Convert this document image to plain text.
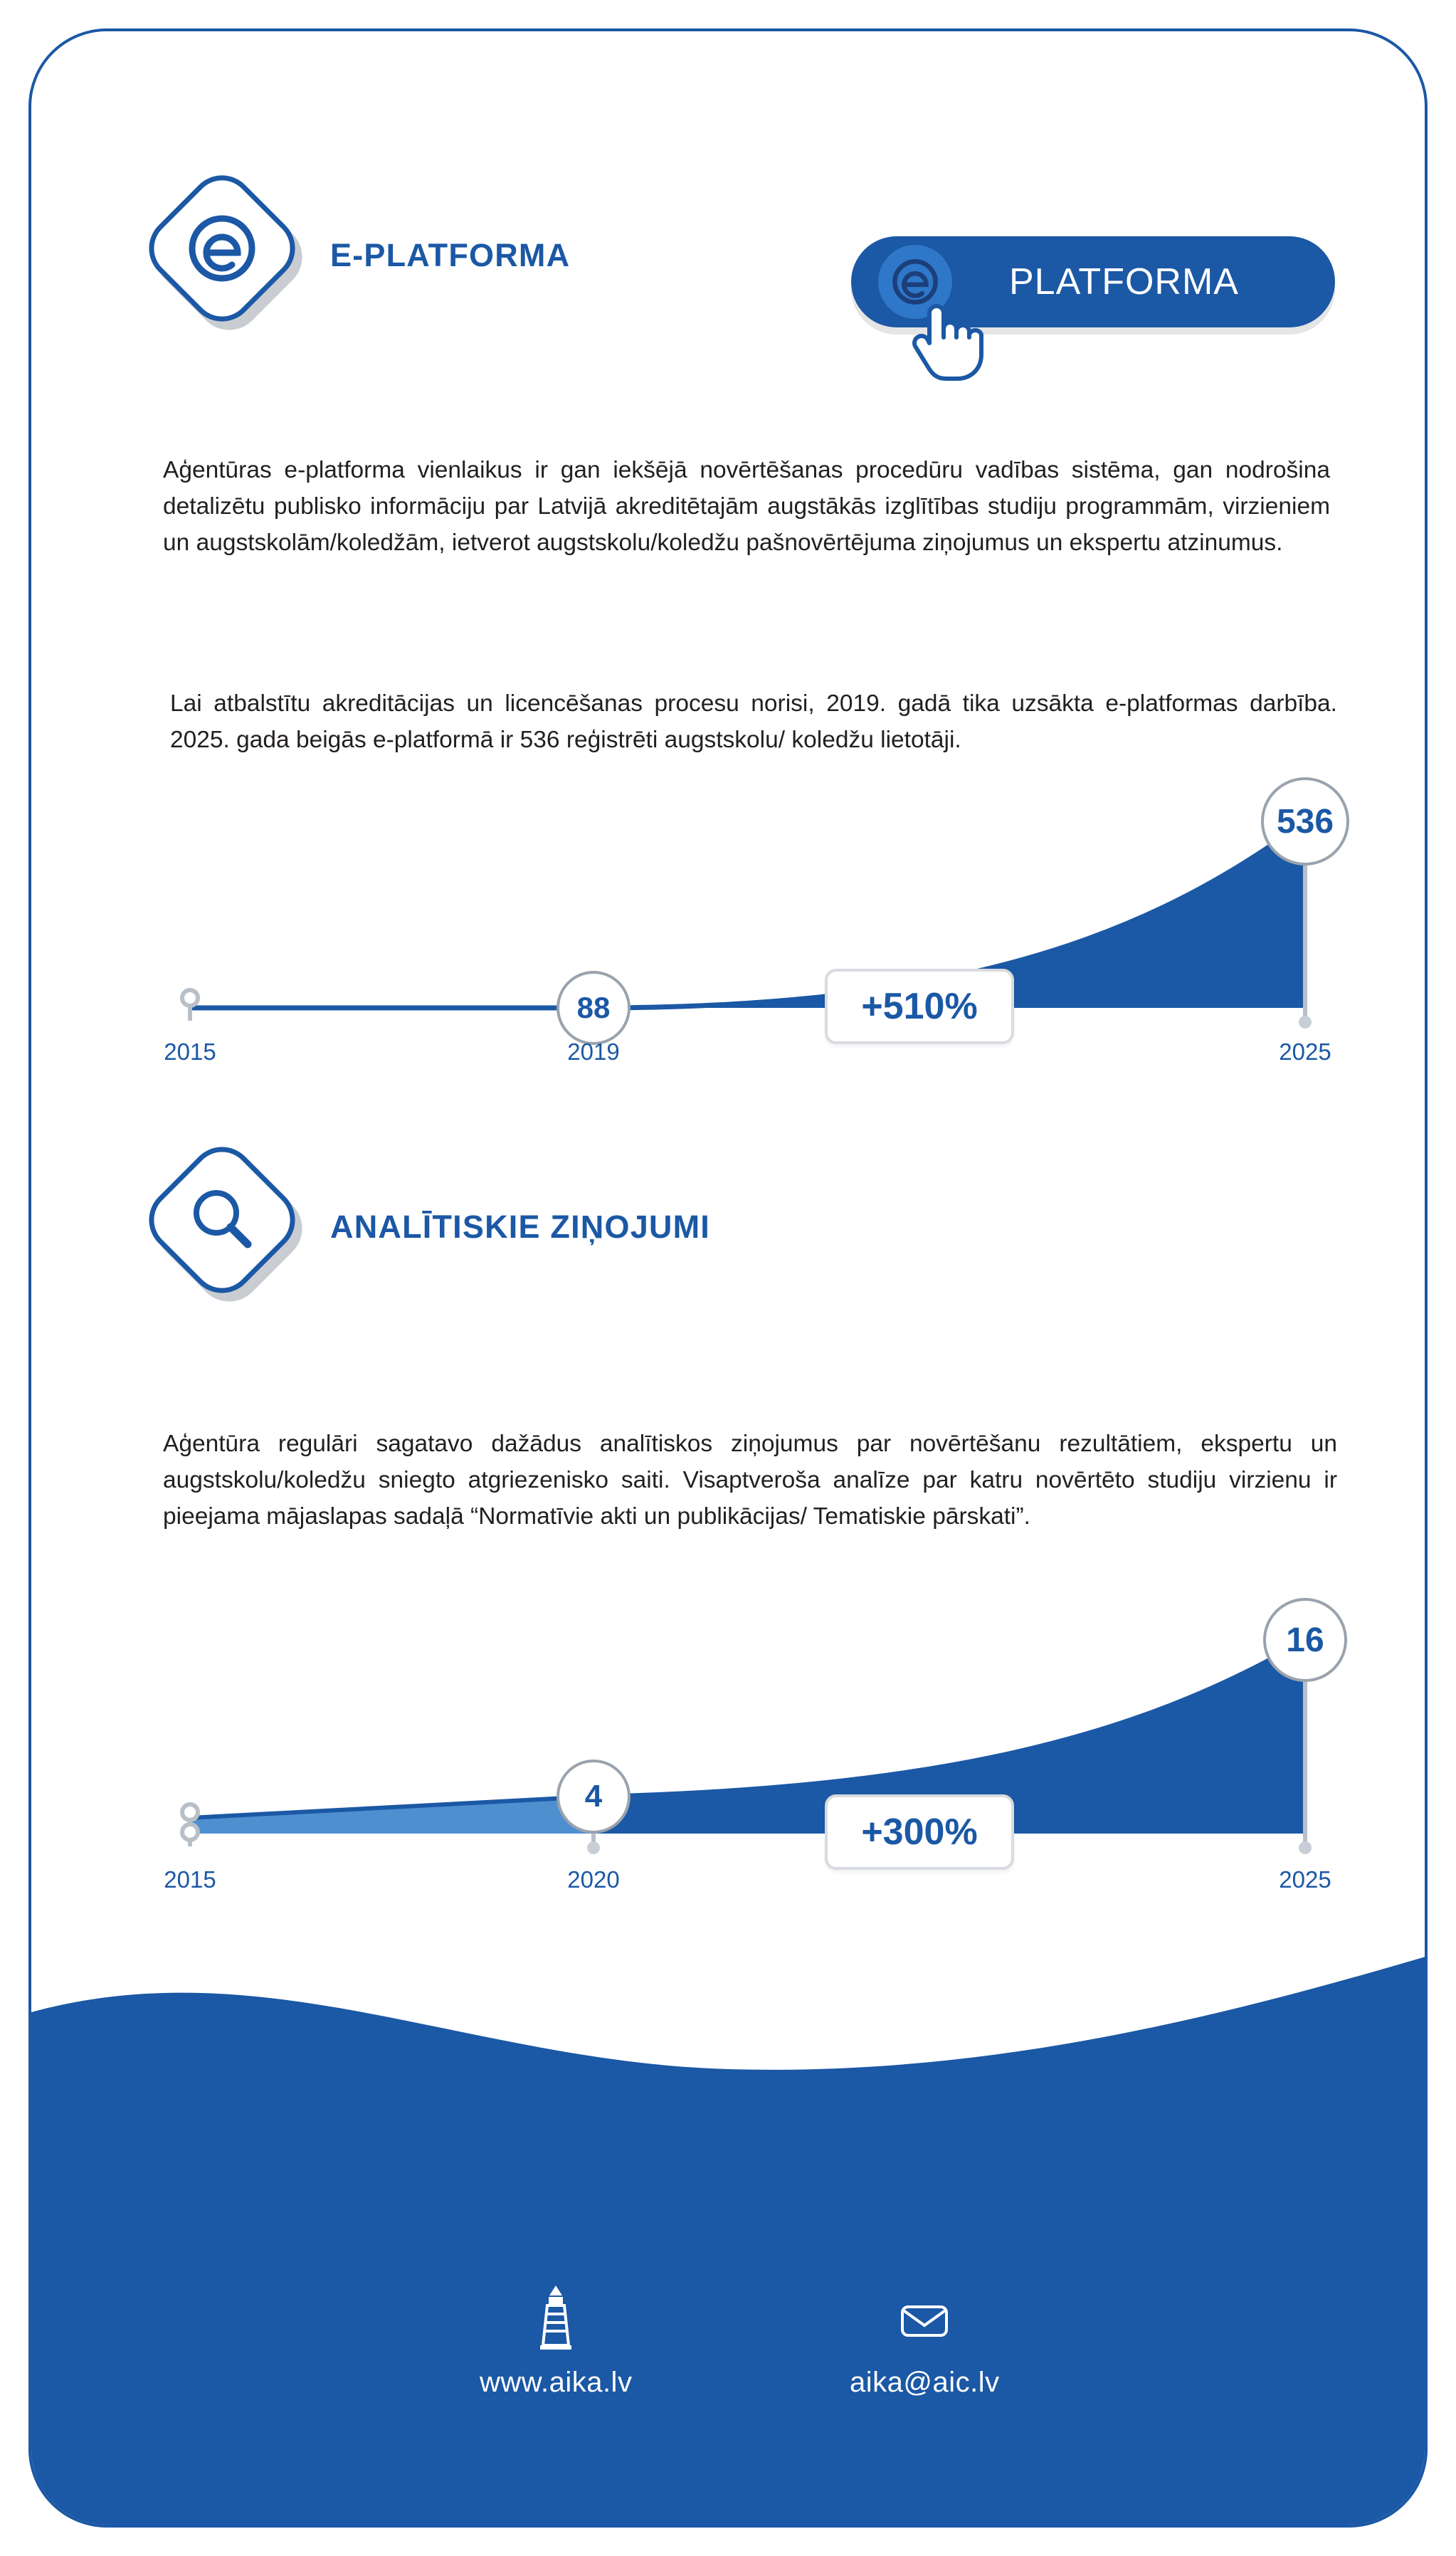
E-PLATFORMA
PLATFORMA
Aģentūras e-platforma vienlaikus ir gan iekšējā novērtēšanas procedūru vadības sistēma, gan nodrošina detalizētu publisko informāciju par Latvijā akreditētajām augstākās izglītības studiju programmām, virzieniem un augstskolām/koledžām, ietverot augstskolu/koledžu pašnovērtējuma ziņojumus un ekspertu atzinumus.
Lai atbalstītu akreditācijas un licencēšanas procesu norisi, 2019. gadā tika uzsākta e-platformas darbība. 2025. gada beigās e-platformā ir 536 reģistrēti augstskolu/ koledžu lietotāji.
88
536
+510%
2015	2019	2025
ANALĪTISKIE ZIŅOJUMI
Aģentūra regulāri sagatavo dažādus analītiskos ziņojumus par novērtēšanu rezultātiem, ekspertu un augstskolu/koledžu sniegto atgriezenisko saiti. Visaptveroša analīze par katru novērtēto studiju virzienu ir pieejama mājaslapas sadaļā “Normatīvie akti un publikācijas/ Tematiskie pārskati”.
4
16
+300%
2015	2020	2025
www.aika.lv	aika@aic.lv
